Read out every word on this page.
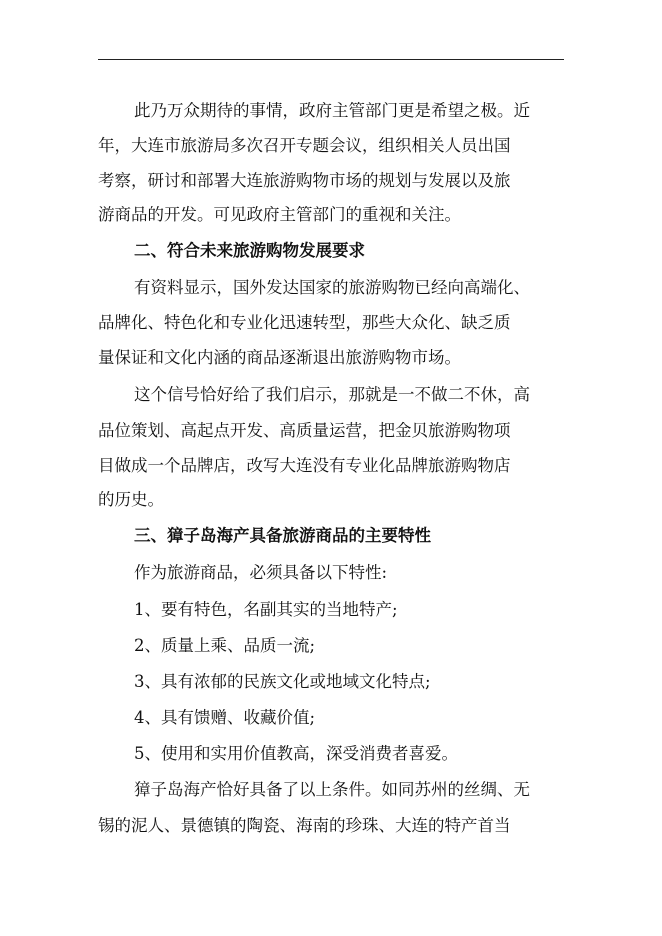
此乃万众期待的事情，政府主管部门更是希望之极。近
年，大连市旅游局多次召开专题会议，组织相关人员出国
考察，研讨和部署大连旅游购物市场的规划与发展以及旅
游商品的开发。可见政府主管部门的重视和关注。
二、符合未来旅游购物发展要求
有资料显示，国外发达国家的旅游购物已经向高端化、
品牌化、特色化和专业化迅速转型，那些大众化、缺乏质
量保证和文化内涵的商品逐渐退出旅游购物市场。
这个信号恰好给了我们启示，那就是一不做二不休，高
品位策划、高起点开发、高质量运营，把金贝旅游购物项
目做成一个品牌店，改写大连没有专业化品牌旅游购物店
的历史。
三、獐子岛海产具备旅游商品的主要特性
作为旅游商品，必须具备以下特性:
1、要有特色，名副其实的当地特产;
2、质量上乘、品质一流;
3、具有浓郁的民族文化或地域文化特点;
4、具有馈赠、收藏价值;
5、使用和实用价值教高，深受消费者喜爱。
獐子岛海产恰好具备了以上条件。如同苏州的丝绸、无
锡的泥人、景德镇的陶瓷、海南的珍珠、大连的特产首当
